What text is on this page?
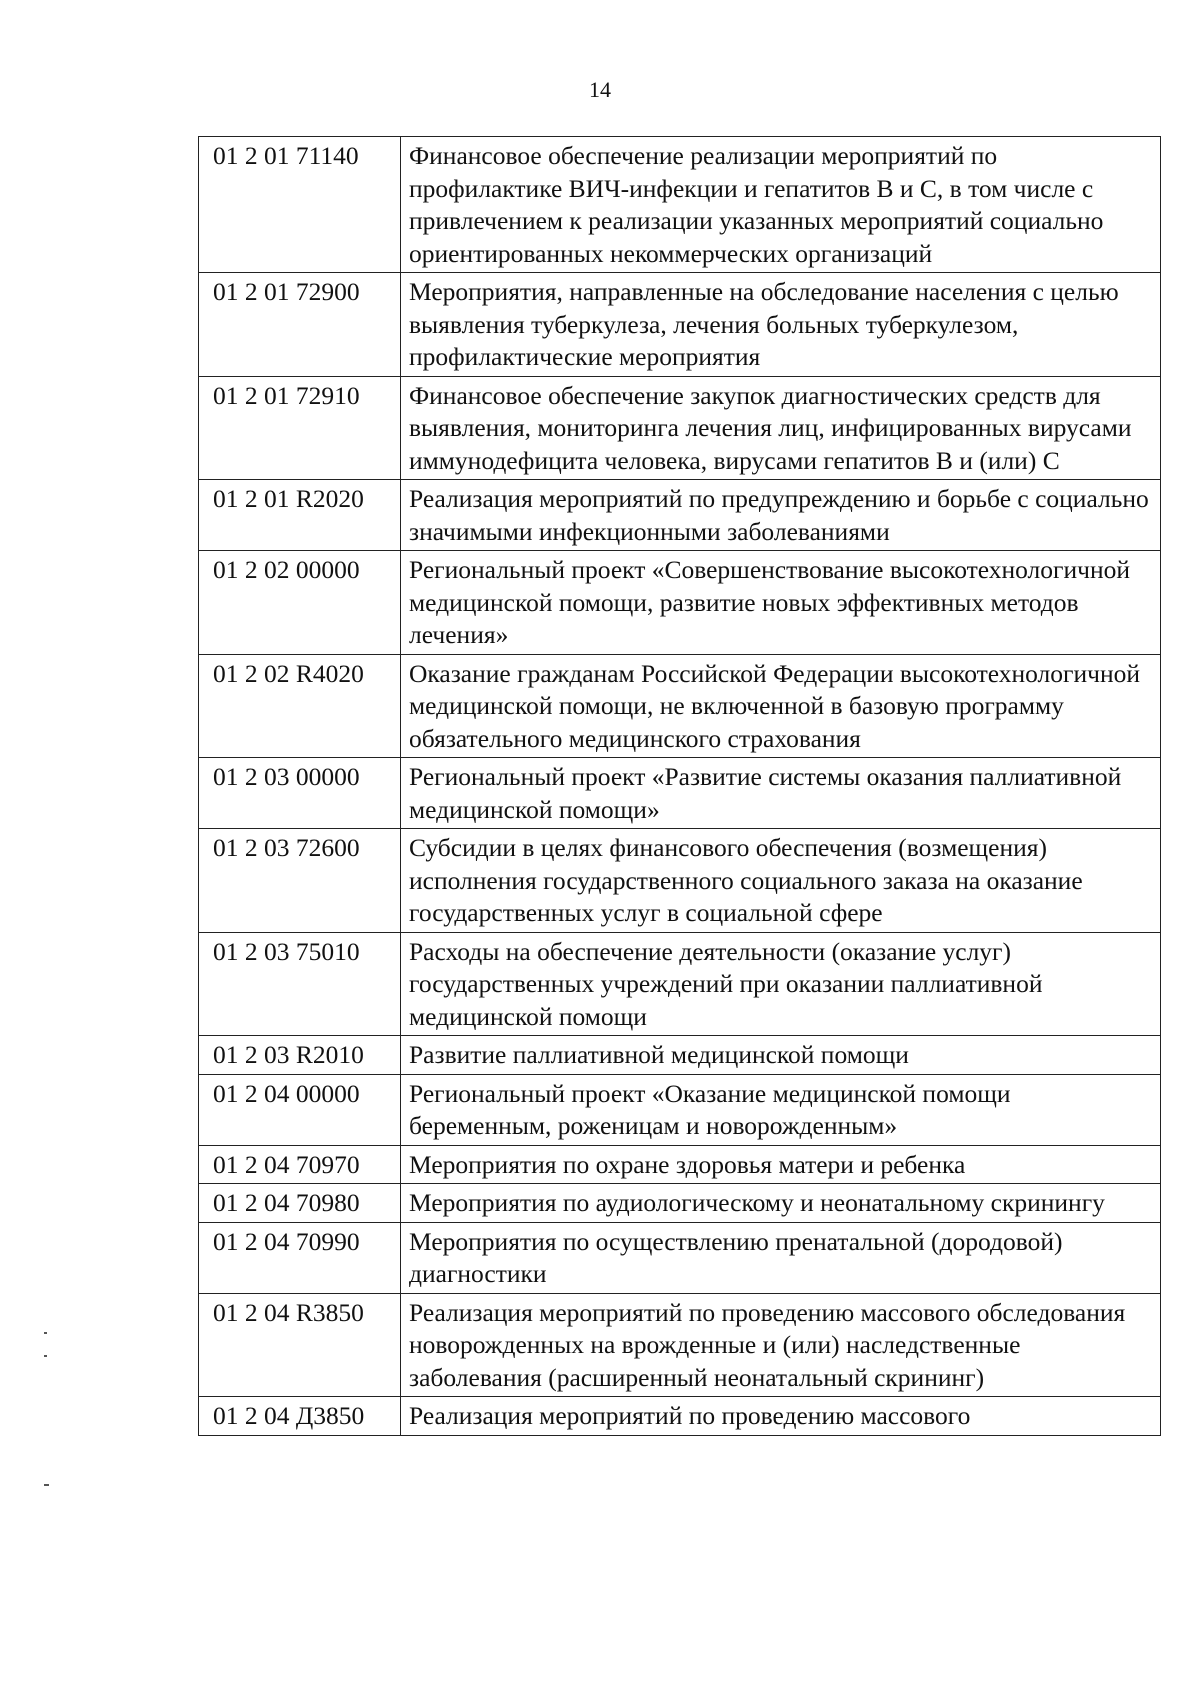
14
01 2 01 71140	Финансовое обеспечение реализации мероприятий по профилактике ВИЧ-инфекции и гепатитов В и С, в том числе с привлечением к реализации указанных мероприятий социально ориентированных некоммерческих организаций
01 2 01 72900	Мероприятия, направленные на обследование населения с целью выявления туберкулеза, лечения больных туберкулезом, профилактические мероприятия
01 2 01 72910	Финансовое обеспечение закупок диагностических средств для выявления, мониторинга лечения лиц, инфицированных вирусами иммунодефицита человека, вирусами гепатитов В и (или) С
01 2 01 R2020	Реализация мероприятий по предупреждению и борьбе с социально значимыми инфекционными заболеваниями
01 2 02 00000	Региональный проект «Совершенствование высокотехнологичной медицинской помощи, развитие новых эффективных методов лечения»
01 2 02 R4020	Оказание гражданам Российской Федерации высокотехнологичной медицинской помощи, не включенной в базовую программу обязательного медицинского страхования
01 2 03 00000	Региональный проект «Развитие системы оказания паллиативной медицинской помощи»
01 2 03 72600	Субсидии в целях финансового обеспечения (возмещения) исполнения государственного социального заказа на оказание государственных услуг в социальной сфере
01 2 03 75010	Расходы на обеспечение деятельности (оказание услуг) государственных учреждений при оказании паллиативной медицинской помощи
01 2 03 R2010	Развитие паллиативной медицинской помощи
01 2 04 00000	Региональный проект «Оказание медицинской помощи беременным, роженицам и новорожденным»
01 2 04 70970	Мероприятия по охране здоровья матери и ребенка
01 2 04 70980	Мероприятия по аудиологическому и неонатальному скринингу
01 2 04 70990	Мероприятия по осуществлению пренатальной (дородовой) диагностики
01 2 04 R3850	Реализация мероприятий по проведению массового обследования новорожденных на врожденные и (или) наследственные заболевания (расширенный неонатальный скрининг)
01 2 04 Д3850	Реализация мероприятий по проведению массового
